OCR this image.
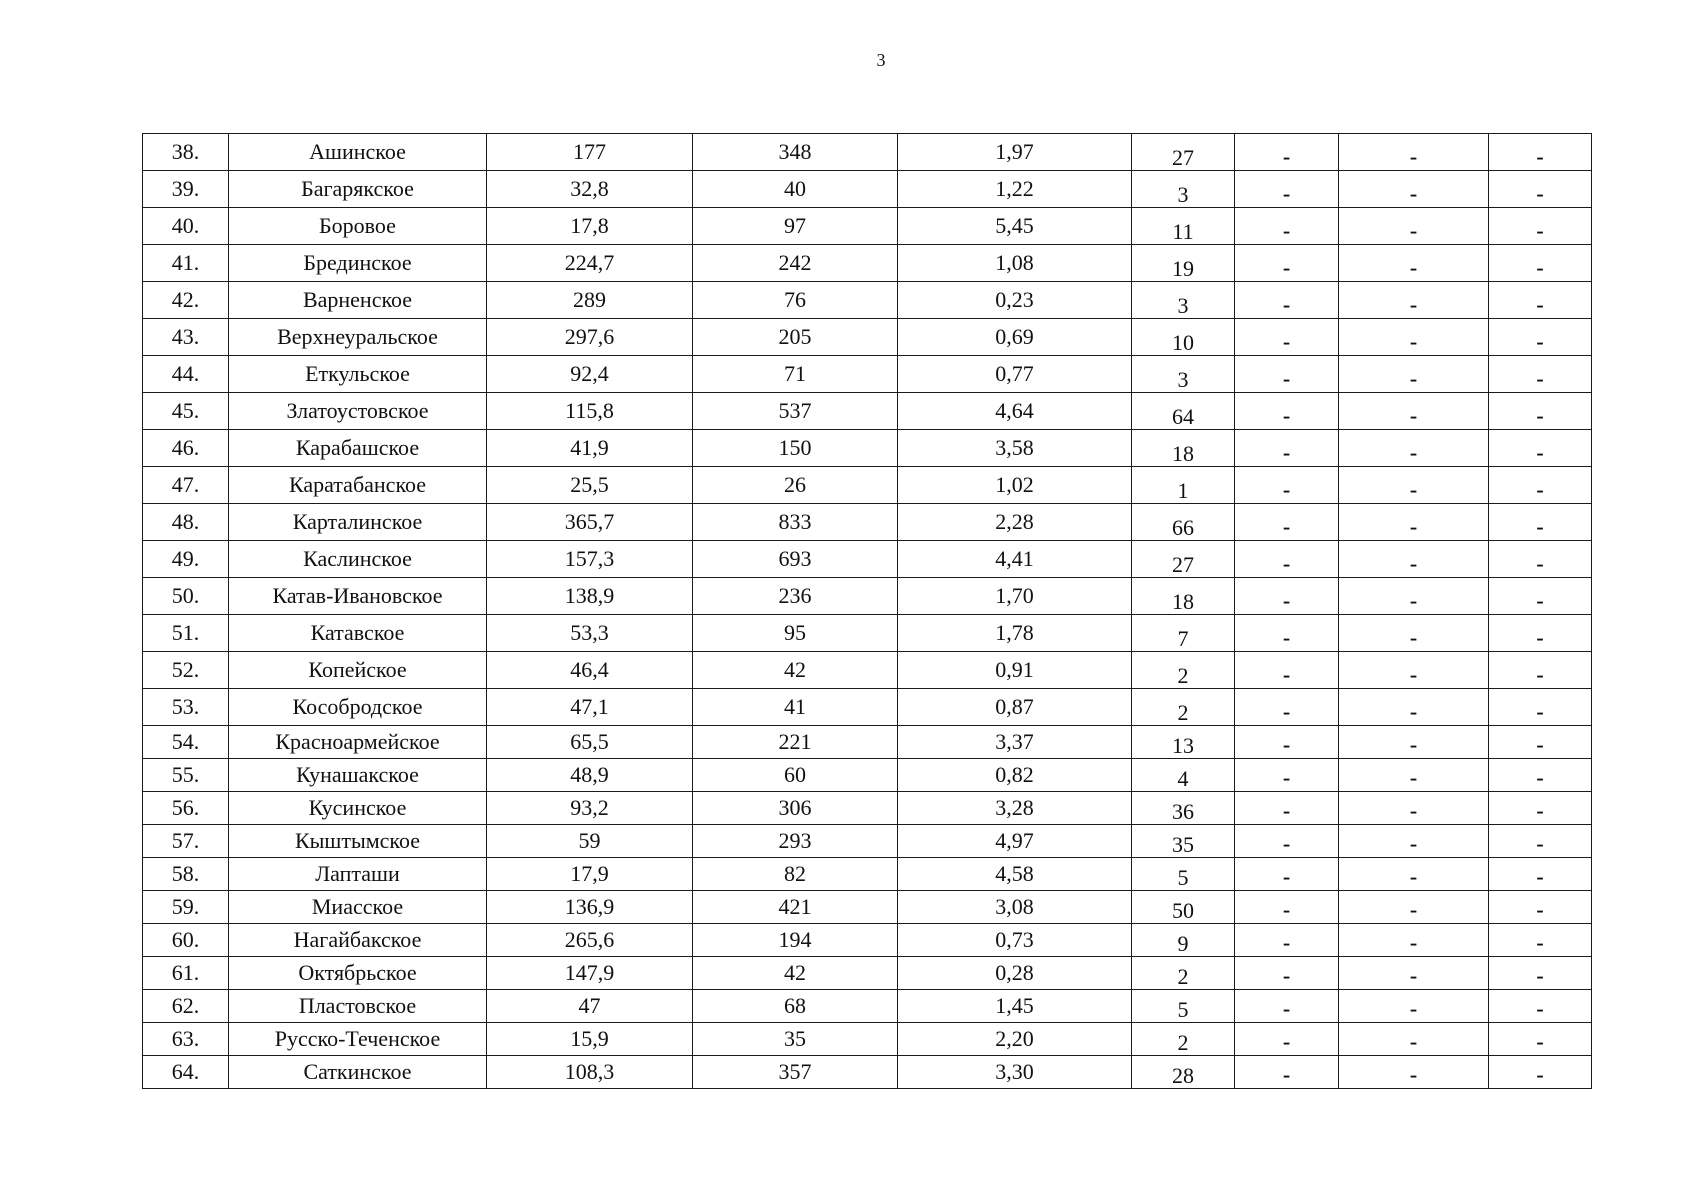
3
38.	Ашинское	177	348	1,97	27	-	-	-
39.	Багарякское	32,8	40	1,22	3	-	-	-
40.	Боровое	17,8	97	5,45	11	-	-	-
41.	Брединское	224,7	242	1,08	19	-	-	-
42.	Варненское	289	76	0,23	3	-	-	-
43.	Верхнеуральское	297,6	205	0,69	10	-	-	-
44.	Еткульское	92,4	71	0,77	3	-	-	-
45.	Златоустовское	115,8	537	4,64	64	-	-	-
46.	Карабашское	41,9	150	3,58	18	-	-	-
47.	Каратабанское	25,5	26	1,02	1	-	-	-
48.	Карталинское	365,7	833	2,28	66	-	-	-
49.	Каслинское	157,3	693	4,41	27	-	-	-
50.	Катав-Ивановское	138,9	236	1,70	18	-	-	-
51.	Катавское	53,3	95	1,78	7	-	-	-
52.	Копейское	46,4	42	0,91	2	-	-	-
53.	Кособродское	47,1	41	0,87	2	-	-	-
54.	Красноармейское	65,5	221	3,37	13	-	-	-
55.	Кунашакское	48,9	60	0,82	4	-	-	-
56.	Кусинское	93,2	306	3,28	36	-	-	-
57.	Кыштымское	59	293	4,97	35	-	-	-
58.	Лапташи	17,9	82	4,58	5	-	-	-
59.	Миасское	136,9	421	3,08	50	-	-	-
60.	Нагайбакское	265,6	194	0,73	9	-	-	-
61.	Октябрьское	147,9	42	0,28	2	-	-	-
62.	Пластовское	47	68	1,45	5	-	-	-
63.	Русско-Теченское	15,9	35	2,20	2	-	-	-
64.	Саткинское	108,3	357	3,30	28	-	-	-
